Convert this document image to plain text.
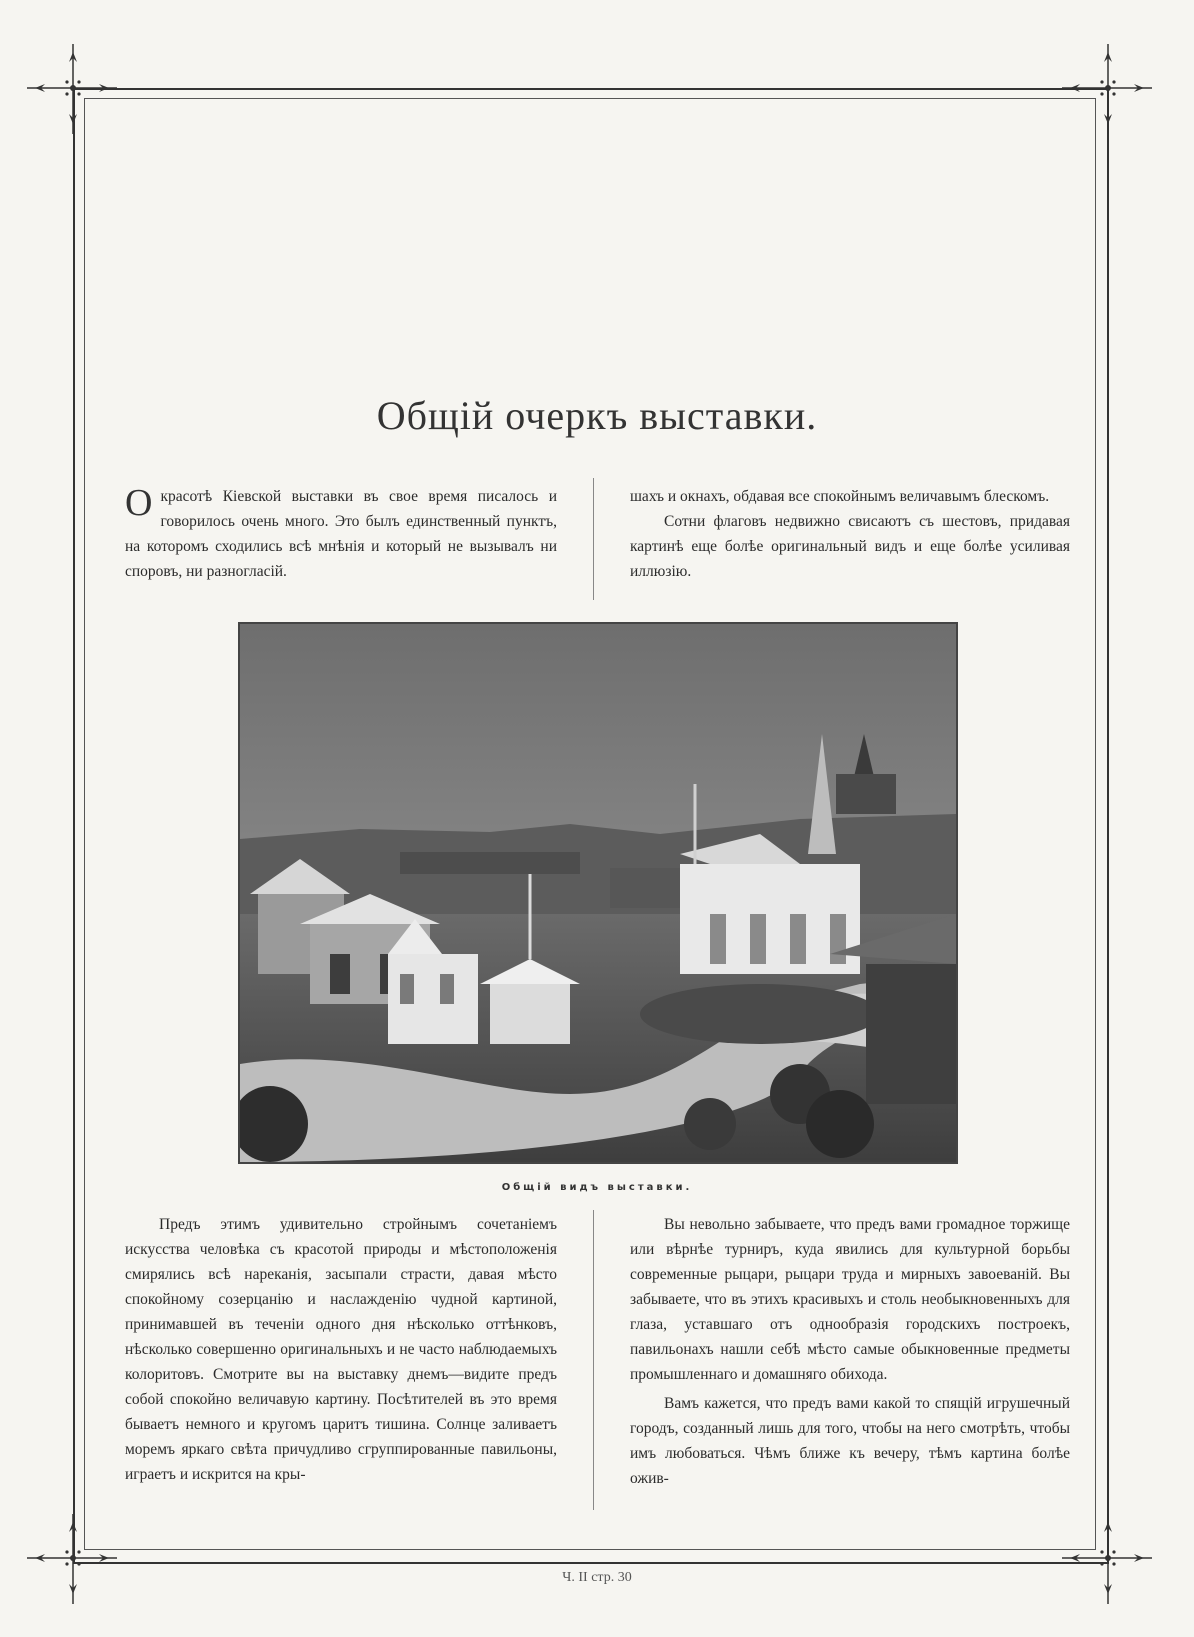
Общій очеркъ выставки.

Окрасотѣ Кіевской выставки въ свое время писалось и говорилось очень много. Это былъ единственный пунктъ, на которомъ сходились всѣ мнѣнія и который не вызывалъ ни споровъ, ни разногласій.

шахъ и окнахъ, обдавая все спокойнымъ величавымъ блескомъ.

Сотни флаговъ недвижно свисаютъ съ шестовъ, придавая картинѣ еще болѣе оригинальный видъ и еще болѣе усиливая иллюзію.

Общій видъ выставки.

Предъ этимъ удивительно стройнымъ сочетаніемъ искусства человѣка съ красотой природы и мѣстоположенія смирялись всѣ нареканія, засыпали страсти, давая мѣсто спокойному созерцанію и наслажденію чудной картиной, принимавшей въ теченіи одного дня нѣсколько оттѣнковъ, нѣсколько совершенно оригинальныхъ и не часто наблюдаемыхъ колоритовъ. Смотрите вы на выставку днемъ—видите предъ собой спокойно величавую картину. Посѣтителей въ это время бываетъ немного и кругомъ царитъ тишина. Солнце заливаетъ моремъ яркаго свѣта причудливо сгруппированные павильоны, играетъ и искрится на кры-

Вы невольно забываете, что предъ вами громадное торжище или вѣрнѣе турниръ, куда явились для культурной борьбы современные рыцари, рыцари труда и мирныхъ завоеваній. Вы забываете, что въ этихъ красивыхъ и столь необыкновенныхъ для глаза, уставшаго отъ однообразія городскихъ построекъ, павильонахъ нашли себѣ мѣсто самые обыкновенные предметы промышленнаго и домашняго обихода.

Вамъ кажется, что предъ вами какой то спящій игрушечный городъ, созданный лишь для того, чтобы на него смотрѣть, чтобы имъ любоваться. Чѣмъ ближе къ вечеру, тѣмъ картина болѣе ожив-

Ч. II стр. 30
